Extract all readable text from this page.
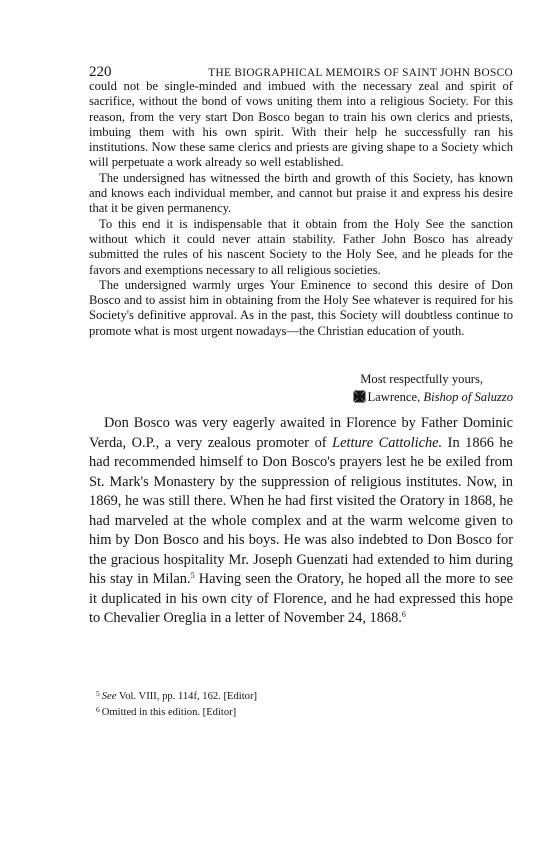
220	THE BIOGRAPHICAL MEMOIRS OF SAINT JOHN BOSCO

could not be single-minded and imbued with the necessary zeal and spirit of sacrifice, without the bond of vows uniting them into a religious Society. For this reason, from the very start Don Bosco began to train his own clerics and priests, imbuing them with his own spirit. With their help he successfully ran his institutions. Now these same clerics and priests are giving shape to a Society which will perpetuate a work already so well established.

The undersigned has witnessed the birth and growth of this Society, has known and knows each individual member, and cannot but praise it and express his desire that it be given permanency.

To this end it is indispensable that it obtain from the Holy See the sanction without which it could never attain stability. Father John Bosco has already submitted the rules of his nascent Society to the Holy See, and he pleads for the favors and exemptions necessary to all religious societies.

The undersigned warmly urges Your Eminence to second this desire of Don Bosco and to assist him in obtaining from the Holy See whatever is required for his Society's definitive approval. As in the past, this Society will doubtless continue to promote what is most urgent nowadays—the Christian education of youth.

Most respectfully yours,
Lawrence, Bishop of Saluzzo

Don Bosco was very eagerly awaited in Florence by Father Dominic Verda, O.P., a very zealous promoter of Letture Cattoliche. In 1866 he had recommended himself to Don Bosco's prayers lest he be exiled from St. Mark's Monastery by the suppression of religious institutes. Now, in 1869, he was still there. When he had first visited the Oratory in 1868, he had marveled at the whole complex and at the warm welcome given to him by Don Bosco and his boys. He was also indebted to Don Bosco for the gracious hospitality Mr. Joseph Guenzati had extended to him during his stay in Milan.$^5$ Having seen the Oratory, he hoped all the more to see it duplicated in his own city of Florence, and he had expressed this hope to Chevalier Oreglia in a letter of November 24, 1868.$^6$

$^5$ See Vol. VIII, pp. 114f, 162. [Editor]
$^6$ Omitted in this edition. [Editor]
